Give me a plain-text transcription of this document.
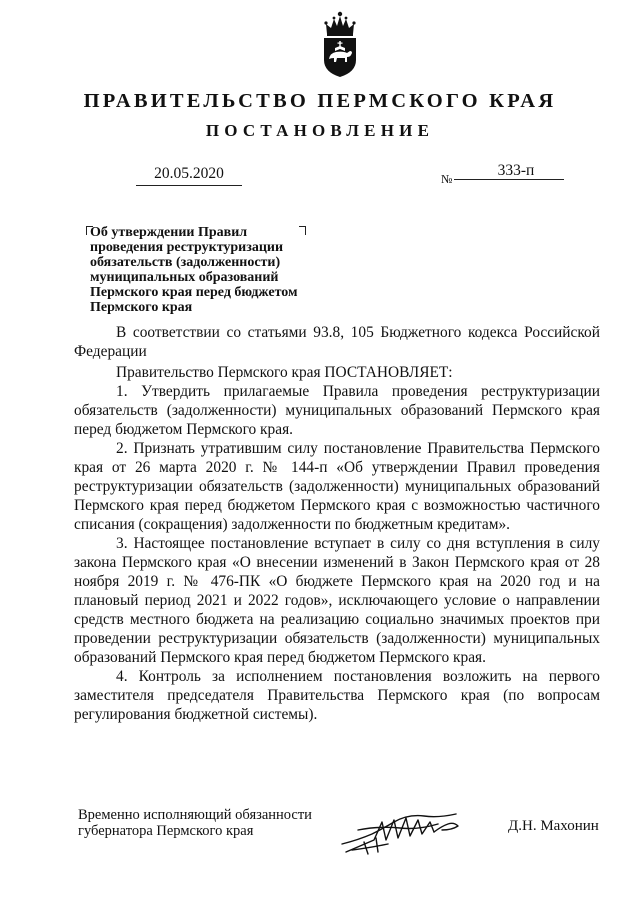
ПРАВИТЕЛЬСТВО ПЕРМСКОГО КРАЯ
ПОСТАНОВЛЕНИЕ
20.05.2020	№	333-п
Об утверждении Правил
проведения реструктуризации
обязательств (задолженности)
муниципальных образований
Пермского края перед бюджетом
Пермского края

В соответствии со статьями 93.8, 105 Бюджетного кодекса Российской Федерации

Правительство Пермского края ПОСТАНОВЛЯЕТ:

1. Утвердить прилагаемые Правила проведения реструктуризации обязательств (задолженности) муниципальных образований Пермского края перед бюджетом Пермского края.

2. Признать утратившим силу постановление Правительства Пермского края от 26 марта 2020 г. № 144-п «Об утверждении Правил проведения реструктуризации обязательств (задолженности) муниципальных образований Пермского края перед бюджетом Пермского края с возможностью частичного списания (сокращения) задолженности по бюджетным кредитам».

3. Настоящее постановление вступает в силу со дня вступления в силу закона Пермского края «О внесении изменений в Закон Пермского края от 28 ноября 2019 г. № 476-ПК «О бюджете Пермского края на 2020 год и на плановый период 2021 и 2022 годов», исключающего условие о направлении средств местного бюджета на реализацию социально значимых проектов при проведении реструктуризации обязательств (задолженности) муниципальных образований Пермского края перед бюджетом Пермского края.

4. Контроль за исполнением постановления возложить на первого заместителя председателя Правительства Пермского края (по вопросам регулирования бюджетной системы).

Временно исполняющий обязанности
губернатора Пермского края	Д.Н. Махонин
